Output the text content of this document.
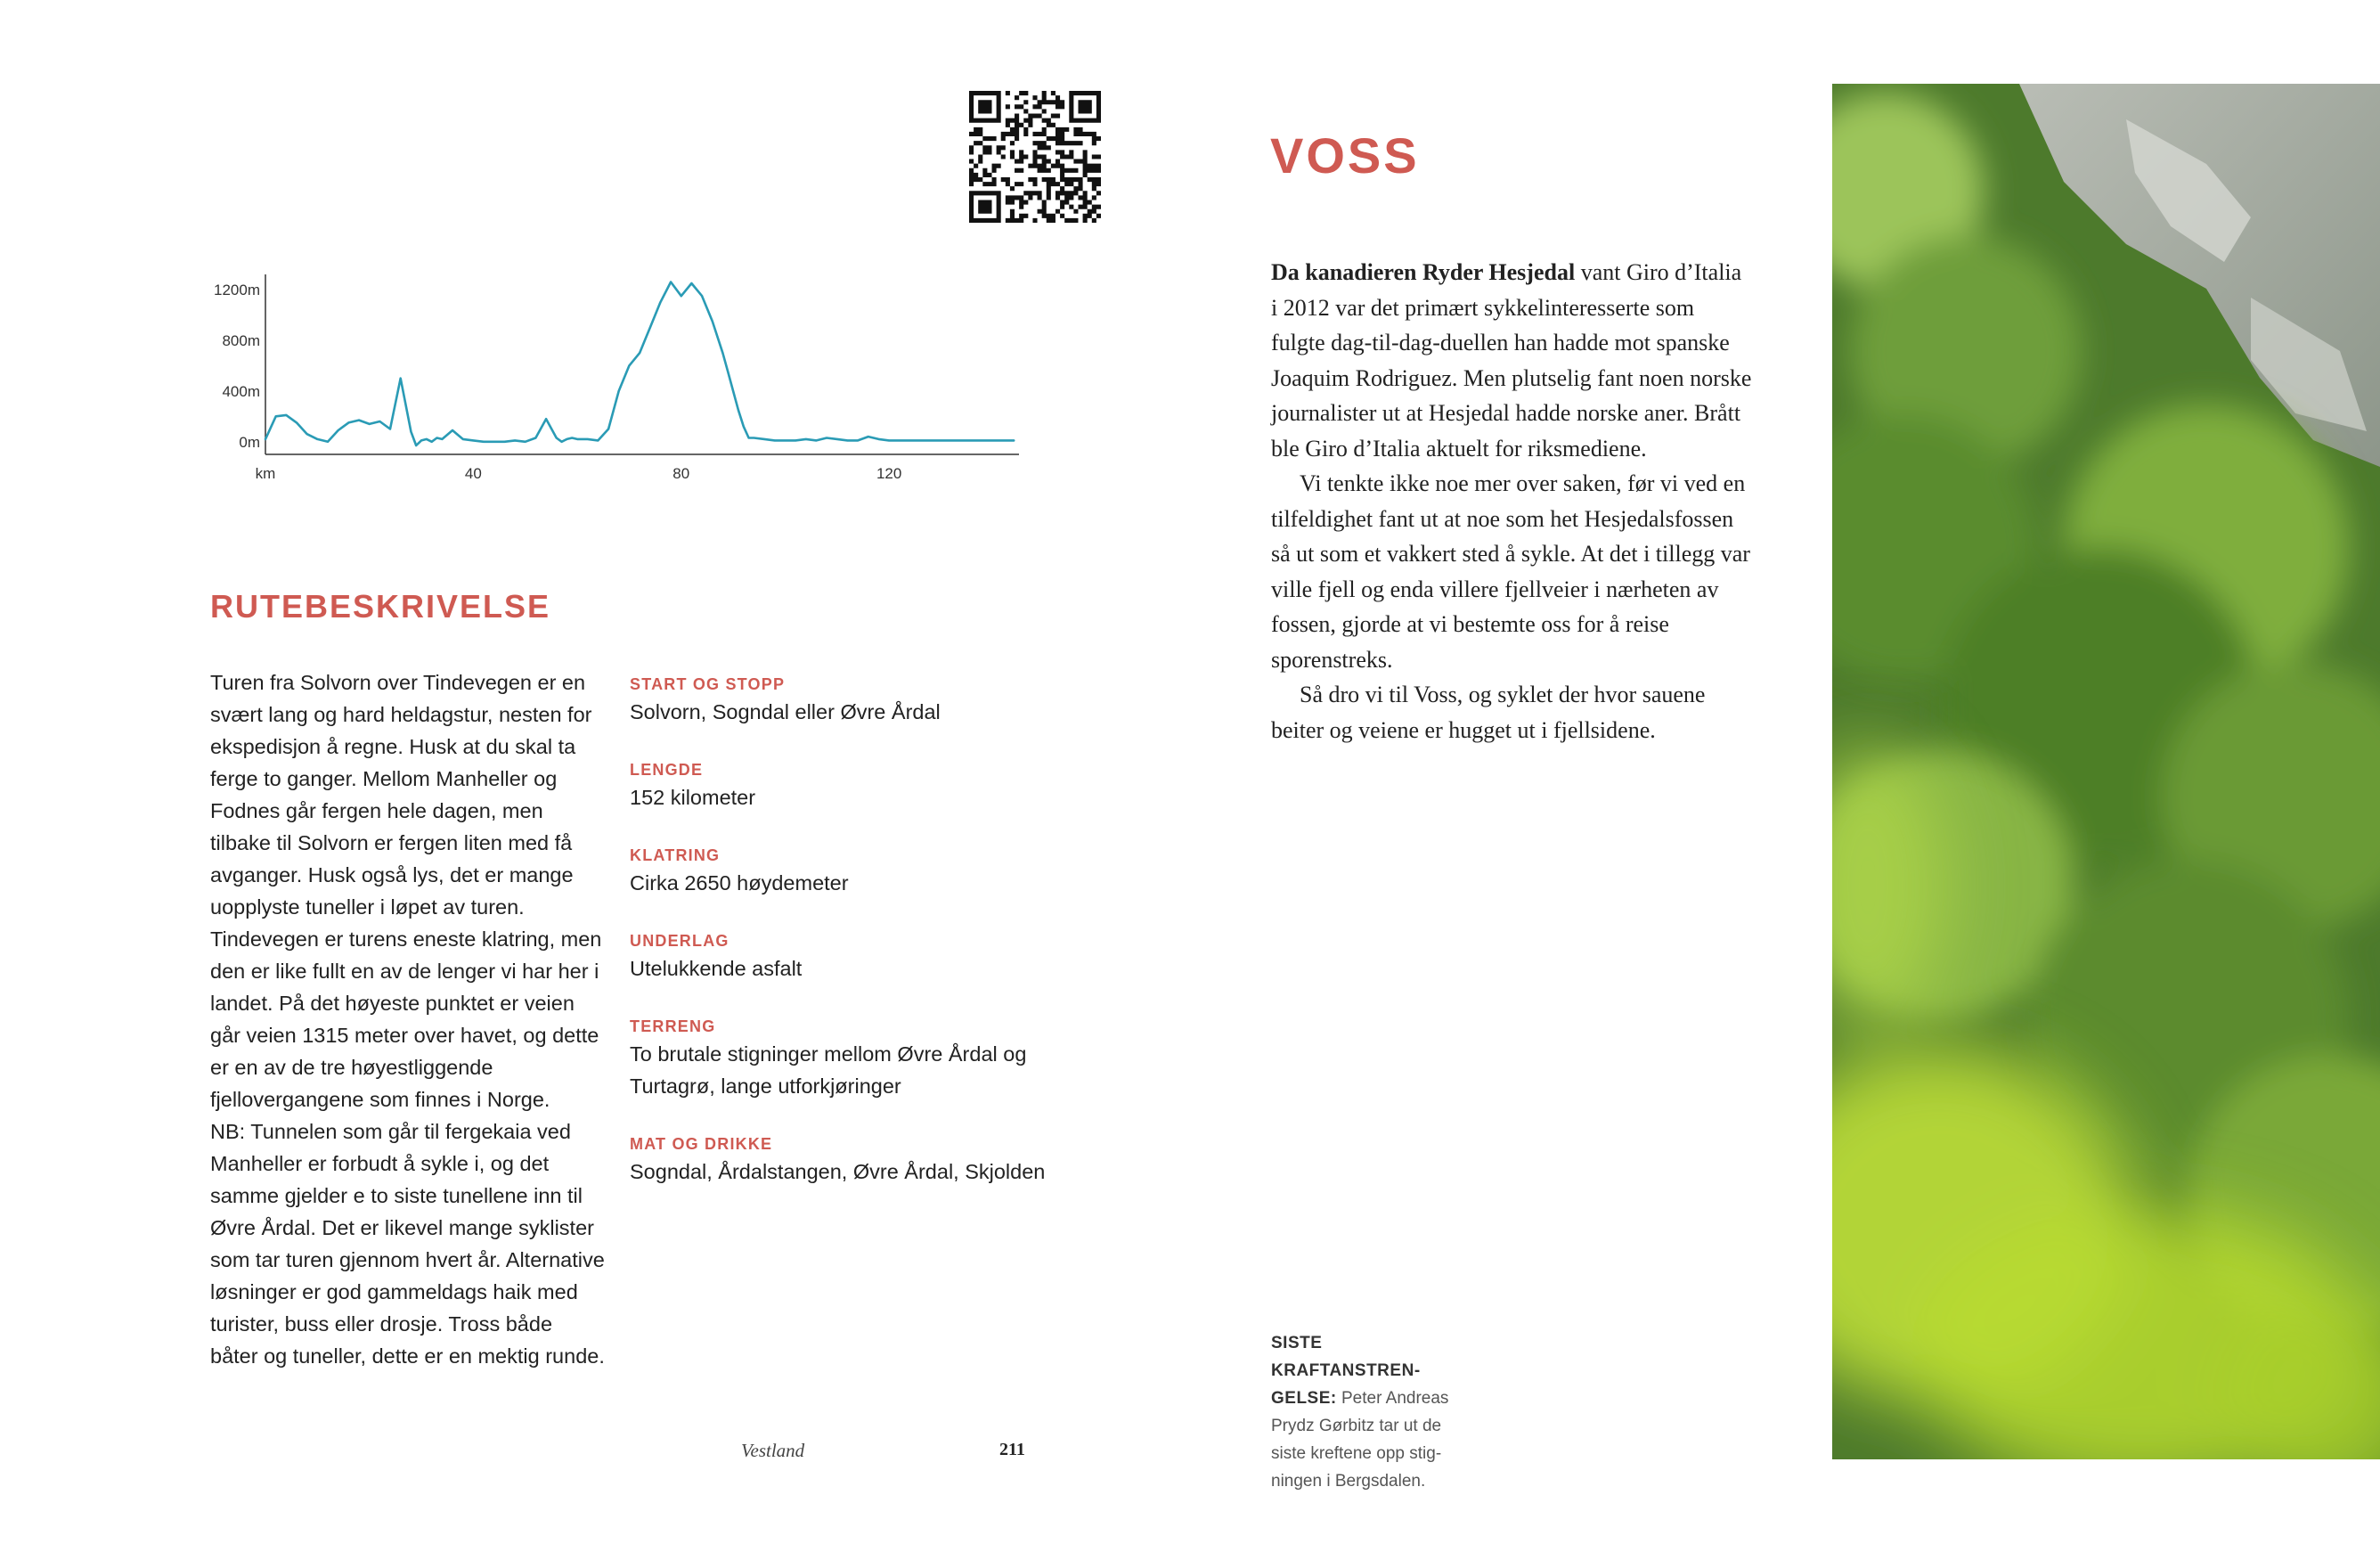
0m
400m
800m
1200m
km	40	80	120
RUTEBESKRIVELSE

Turen fra Solvorn over Tindevegen er en svært lang og hard heldagstur, nesten for ekspedisjon å regne. Husk at du skal ta ferge to ganger. Mellom Manheller og Fodnes går fergen hele dagen, men tilbake til Solvorn er fergen liten med få avganger. Husk også lys, det er mange uopplyste tuneller i løpet av turen. Tindevegen er turens eneste klatring, men den er like fullt en av de lenger vi har her i landet. På det høyeste punktet er veien går veien 1315 meter over havet, og dette er en av de tre høyestliggende fjellovergangene som finnes i Norge.

NB: Tunnelen som går til fergekaia ved Manheller er forbudt å sykle i, og det samme gjelder e to siste tunellene inn til Øvre Årdal. Det er likevel mange syklister som tar turen gjennom hvert år. Alternative løsninger er god gammeldags haik med turister, buss eller drosje. Tross både båter og tuneller, dette er en mektig runde.

START OG STOPP
Solvorn, Sogndal eller Øvre Årdal
LENGDE
152 kilometer
KLATRING
Cirka 2650 høydemeter
UNDERLAG
Utelukkende asfalt
TERRENG
To brutale stigninger mellom Øvre Årdal og Turtagrø, lange utforkjøringer
MAT OG DRIKKE
Sogndal, Årdalstangen, Øvre Årdal, Skjolden
Vestland	211
VOSS

Da kanadieren Ryder Hesjedal vant Giro d’Italia i 2012 var det primært sykkelinteresserte som fulgte dag-til-dag-duellen han hadde mot spanske Joaquim Rodriguez. Men plutselig fant noen norske journalister ut at Hesjedal hadde norske aner. Brått ble Giro d’Italia aktuelt for riksmediene.

Vi tenkte ikke noe mer over saken, før vi ved en tilfeldighet fant ut at noe som het Hesjedalsfossen så ut som et vakkert sted å sykle. At det i tillegg var ville fjell og enda villere fjellveier i nærheten av fossen, gjorde at vi bestemte oss for å reise sporenstreks.

Så dro vi til Voss, og syklet der hvor sauene beiter og veiene er hugget ut i fjellsidene.

SISTE KRAFTANSTRENGELSE: Peter Andreas Prydz Gørbitz tar ut de siste kreftene opp stigningen i Bergsdalen.
